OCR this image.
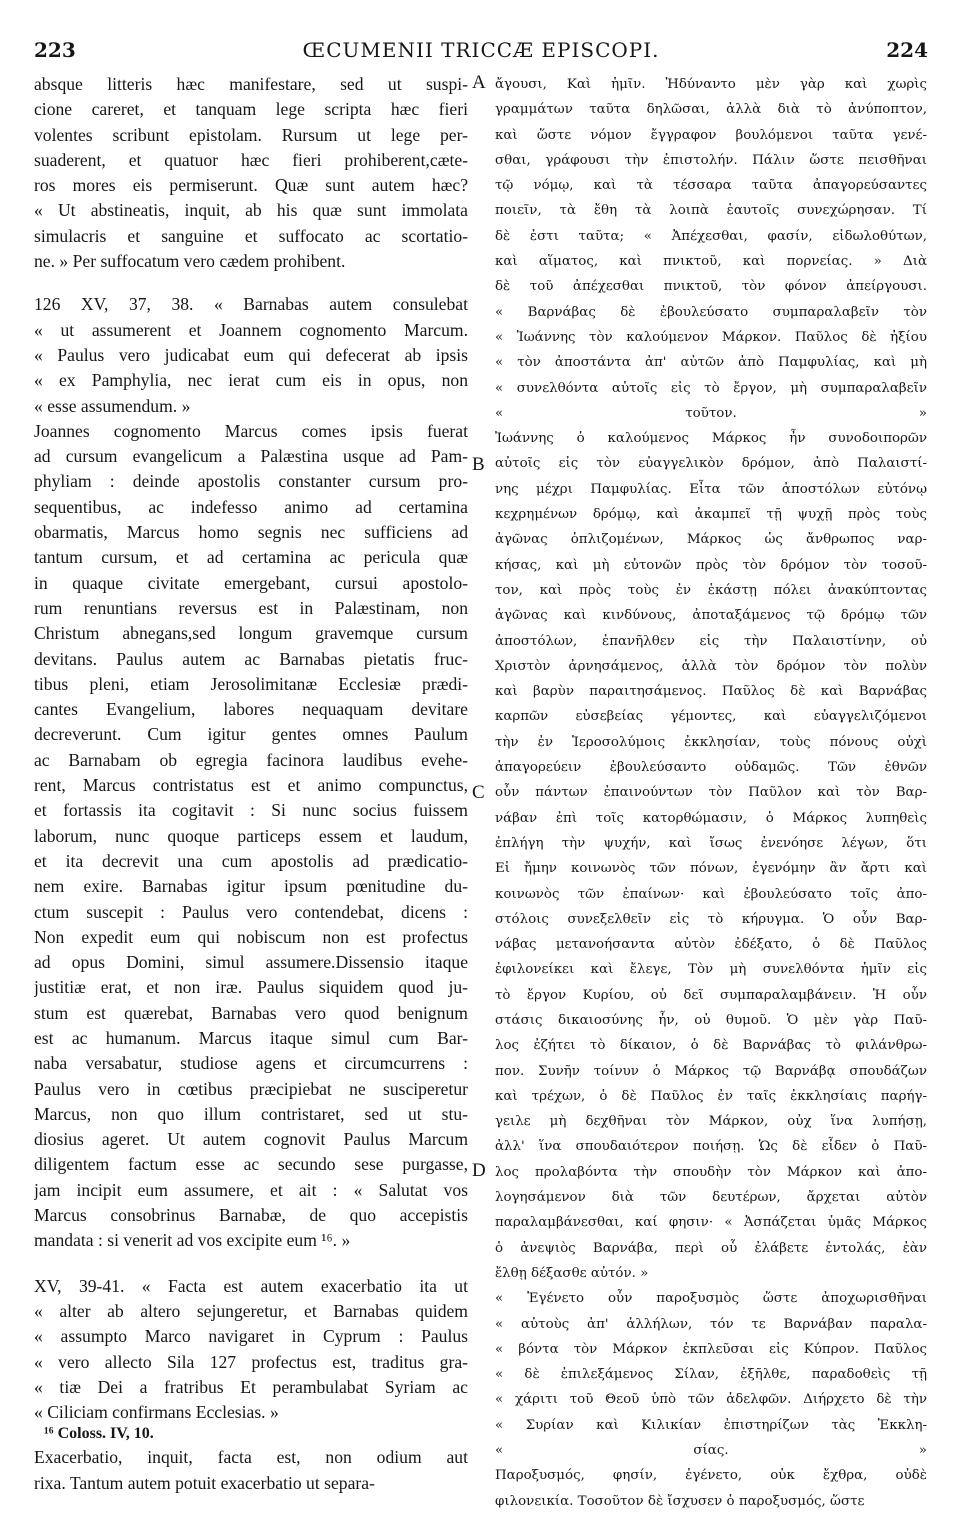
223	ŒCUMENII TRICCÆ EPISCOPI.	224
absque litteris hæc manifestare, sed ut suspi-
cione careret, et tanquam lege scripta hæc fieri
volentes scribunt epistolam. Rursum ut lege per-
suaderent, et quatuor hæc fieri prohiberent,cæte-
ros mores eis permiserunt. Quæ sunt autem hæc?
« Ut abstineatis, inquit, ab his quæ sunt immolata
simulacris et sanguine et suffocato ac scortatio-
ne. » Per suffocatum vero cædem prohibent.
126 XV, 37, 38. « Barnabas autem consulebat
« ut assumerent et Joannem cognomento Marcum.
« Paulus vero judicabat eum qui defecerat ab ipsis
« ex Pamphylia, nec ierat cum eis in opus, non
« esse assumendum. »
Joannes cognomento Marcus comes ipsis fuerat
ad cursum evangelicum a Palæstina usque ad Pam-
phyliam : deinde apostolis constanter cursum pro-
sequentibus, ac indefesso animo ad certamina
obarmatis, Marcus homo segnis nec sufficiens ad
tantum cursum, et ad certamina ac pericula quæ
in quaque civitate emergebant, cursui apostolo-
rum renuntians reversus est in Palæstinam, non
Christum abnegans,sed longum gravemque cursum
devitans. Paulus autem ac Barnabas pietatis fruc-
tibus pleni, etiam Jerosolimitanæ Ecclesiæ prædi-
cantes Evangelium, labores nequaquam devitare
decreverunt. Cum igitur gentes omnes Paulum
ac Barnabam ob egregia facinora laudibus evehe-
rent, Marcus contristatus est et animo compunctus,
et fortassis ita cogitavit : Si nunc socius fuissem
laborum, nunc quoque particeps essem et laudum,
et ita decrevit una cum apostolis ad prædicatio-
nem exire. Barnabas igitur ipsum pœnitudine du-
ctum suscepit : Paulus vero contendebat, dicens :
Non expedit eum qui nobiscum non est profectus
ad opus Domini, simul assumere.Dissensio itaque
justitiæ erat, et non iræ. Paulus siquidem quod ju-
stum est quærebat, Barnabas vero quod benignum
est ac humanum. Marcus itaque simul cum Bar-
naba versabatur, studiose agens et circumcurrens :
Paulus vero in cœtibus præcipiebat ne susciperetur
Marcus, non quo illum contristaret, sed ut stu-
diosius ageret. Ut autem cognovit Paulus Marcum
diligentem factum esse ac secundo sese purgasse,
jam incipit eum assumere, et ait : « Salutat vos
Marcus consobrinus Barnabæ, de quo accepistis
mandata : si venerit ad vos excipite eum ¹⁶. »
XV, 39-41. « Facta est autem exacerbatio ita ut
« alter ab altero sejungeretur, et Barnabas quidem
« assumpto Marco navigaret in Cyprum : Paulus
« vero allecto Sila 127 profectus est, traditus gra-
« tiæ Dei a fratribus Et perambulabat Syriam ac
« Ciliciam confirmans Ecclesias. »
Exacerbatio, inquit, facta est, non odium aut
rixa. Tantum autem potuit exacerbatio ut separa-
ἄγουσι, Καὶ ἡμῖν. Ἠδύναντο μὲν γὰρ καὶ χωρὶς
γραμμάτων ταῦτα δηλῶσαι, ἀλλὰ διὰ τὸ ἀνύποπτον,
καὶ ὥστε νόμον ἔγγραφον βουλόμενοι ταῦτα γενέ-
σθαι, γράφουσι τὴν ἐπιστολήν. Πάλιν ὥστε πεισθῆναι
τῷ νόμῳ, καὶ τὰ τέσσαρα ταῦτα ἀπαγορεύσαντες
ποιεῖν, τὰ ἔθη τὰ λοιπὰ ἑαυτοῖς συνεχώρησαν. Τί
δὲ ἐστι ταῦτα; « Ἀπέχεσθαι, φασίν, εἰδωλοθύτων,
καὶ αἵματος, καὶ πνικτοῦ, καὶ πορνείας. » Διὰ
δὲ τοῦ ἀπέχεσθαι πνικτοῦ, τὸν φόνον ἀπείργουσι.
« Βαρνάβας δὲ ἐβουλεύσατο συμπαραλαβεῖν τὸν
« Ἰωάννης τὸν καλούμενον Μάρκον. Παῦλος δὲ ἠξίου
« τὸν ἀποστάντα ἀπ' αὐτῶν ἀπὸ Παμφυλίας, καὶ μὴ
« συνελθόντα αὐτοῖς εἰς τὸ ἔργον, μὴ συμπαραλαβεῖν
« τοῦτον. »
Ἰωάννης ὁ καλούμενος Μάρκος ἦν συνοδοιπορῶν
αὐτοῖς εἰς τὸν εὐαγγελικὸν δρόμον, ἀπὸ Παλαιστί-
νης μέχρι Παμφυλίας. Εἶτα τῶν ἀποστόλων εὐτόνῳ
κεχρημένων δρόμῳ, καὶ ἀκαμπεῖ τῇ ψυχῇ πρὸς τοὺς
ἀγῶνας ὁπλιζομένων, Μάρκος ὡς ἄνθρωπος ναρ-
κήσας, καὶ μὴ εὐτονῶν πρὸς τὸν δρόμον τὸν τοσοῦ-
τον, καὶ πρὸς τοὺς ἐν ἑκάστῃ πόλει ἀνακύπτοντας
ἀγῶνας καὶ κινδύνους, ἀποταξάμενος τῷ δρόμῳ τῶν
ἀποστόλων, ἐπανῆλθεν εἰς τὴν Παλαιστίνην, οὐ
Χριστὸν ἀρνησάμενος, ἀλλὰ τὸν δρόμον τὸν πολὺν
καὶ βαρὺν παραιτησάμενος. Παῦλος δὲ καὶ Βαρνάβας
καρπῶν εὐσεβείας γέμοντες, καὶ εὐαγγελιζόμενοι
τὴν ἐν Ἱεροσολύμοις ἐκκλησίαν, τοὺς πόνους οὐχὶ
ἀπαγορεύειν ἐβουλεύσαντο οὐδαμῶς. Τῶν ἐθνῶν
οὖν πάντων ἐπαινούντων τὸν Παῦλον καὶ τὸν Βαρ-
νάβαν ἐπὶ τοῖς κατορθώμασιν, ὁ Μάρκος λυπηθεὶς
ἐπλήγη τὴν ψυχήν, καὶ ἴσως ἐνενόησε λέγων, ὅτι
Εἰ ἤμην κοινωνὸς τῶν πόνων, ἐγενόμην ἂν ἄρτι καὶ
κοινωνὸς τῶν ἐπαίνων· καὶ ἐβουλεύσατο τοῖς ἀπο-
στόλοις συνεξελθεῖν εἰς τὸ κήρυγμα. Ὁ οὖν Βαρ-
νάβας μετανοήσαντα αὐτὸν ἐδέξατο, ὁ δὲ Παῦλος
ἐφιλονείκει καὶ ἔλεγε, Τὸν μὴ συνελθόντα ἡμῖν εἰς
τὸ ἔργον Κυρίου, οὐ δεῖ συμπαραλαμβάνειν. Ἡ οὖν
στάσις δικαιοσύνης ἦν, οὐ θυμοῦ. Ὁ μὲν γὰρ Παῦ-
λος ἐζήτει τὸ δίκαιον, ὁ δὲ Βαρνάβας τὸ φιλάνθρω-
πον. Συνῆν τοίνυν ὁ Μάρκος τῷ Βαρνάβᾳ σπουδάζων
καὶ τρέχων, ὁ δὲ Παῦλος ἐν ταῖς ἐκκλησίαις παρήγ-
γειλε μὴ δεχθῆναι τὸν Μάρκον, οὐχ ἵνα λυπήσῃ,
ἀλλ' ἵνα σπουδαιότερον ποιήσῃ. Ὡς δὲ εἶδεν ὁ Παῦ-
λος προλαβόντα τὴν σπουδὴν τὸν Μάρκον καὶ ἀπο-
λογησάμενον διὰ τῶν δευτέρων, ἄρχεται αὐτὸν
παραλαμβάνεσθαι, καί φησιν· « Ἀσπάζεται ὑμᾶς Μάρκος
ὁ ἀνεψιὸς Βαρνάβα, περὶ οὗ ἐλάβετε ἐντολάς, ἐὰν
ἔλθῃ δέξασθε αὐτόν. »
« Ἐγένετο οὖν παροξυσμὸς ὥστε ἀποχωρισθῆναι
« αὐτοὺς ἀπ' ἀλλήλων, τόν τε Βαρνάβαν παραλα-
« βόντα τὸν Μάρκον ἐκπλεῦσαι εἰς Κύπρον. Παῦλος
« δὲ ἐπιλεξάμενος Σίλαν, ἐξῆλθε, παραδοθεὶς τῇ
« χάριτι τοῦ Θεοῦ ὑπὸ τῶν ἀδελφῶν. Διήρχετο δὲ τὴν
« Συρίαν καὶ Κιλικίαν ἐπιστηρίζων τὰς Ἐκκλη-
« σίας. »
Παροξυσμός, φησίν, ἐγένετο, οὐκ ἔχθρα, οὐδὲ
φιλονεικία. Τοσοῦτον δὲ ἴσχυσεν ὁ παροξυσμός, ὥστε
A
B
C
D
¹⁶ Coloss. IV, 10.
